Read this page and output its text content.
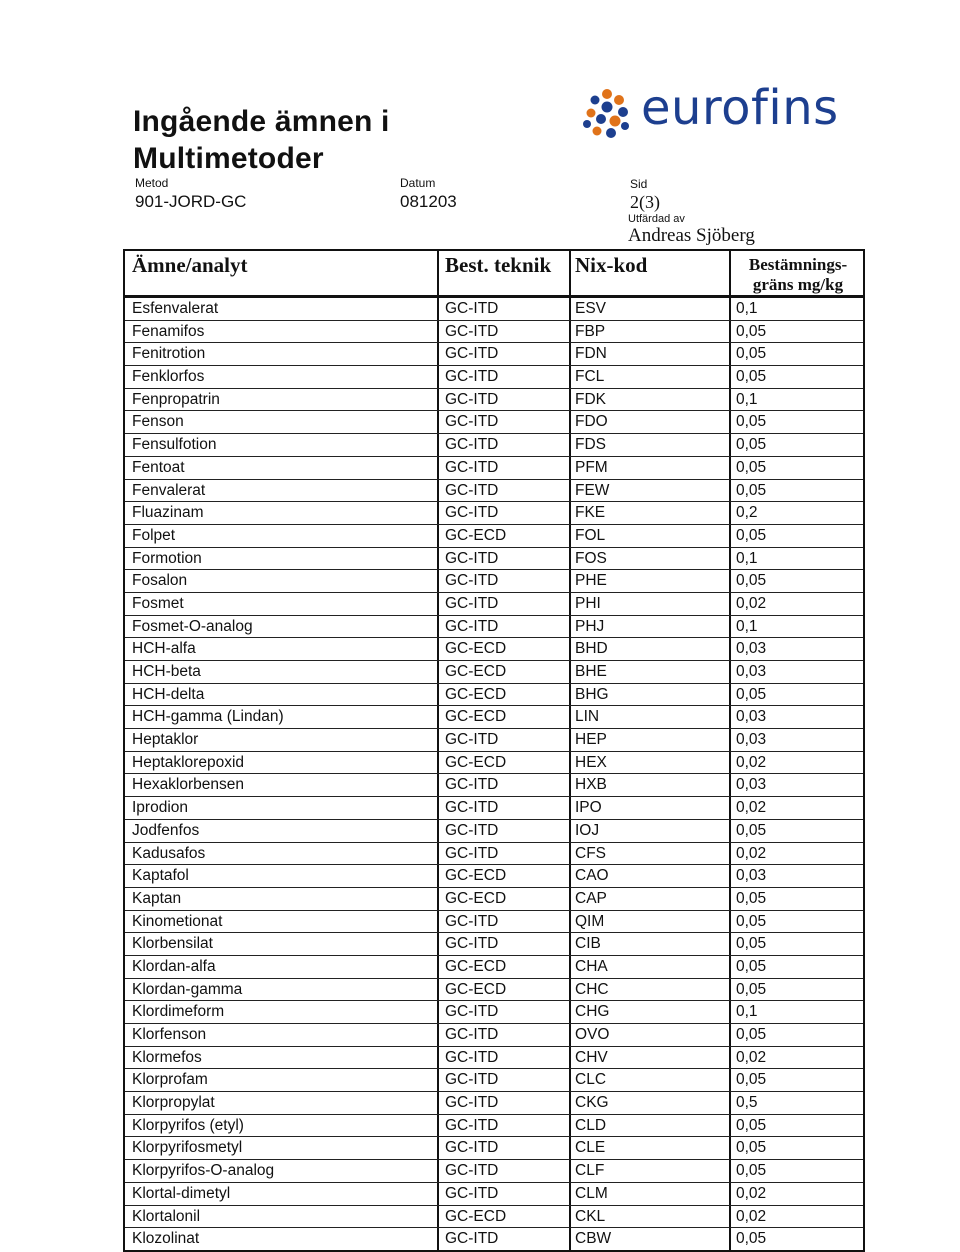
Ingående ämnen i
Multimetoder
eurofins
Metod
901-JORD-GC
Datum
081203
Sid
2(3)
Utfärdad av
Andreas Sjöberg
Ämne/analyt	Best. teknik	Nix-kod	Bestämnings-
gräns mg/kg
Esfenvalerat	GC-ITD	ESV	0,1
Fenamifos	GC-ITD	FBP	0,05
Fenitrotion	GC-ITD	FDN	0,05
Fenklorfos	GC-ITD	FCL	0,05
Fenpropatrin	GC-ITD	FDK	0,1
Fenson	GC-ITD	FDO	0,05
Fensulfotion	GC-ITD	FDS	0,05
Fentoat	GC-ITD	PFM	0,05
Fenvalerat	GC-ITD	FEW	0,05
Fluazinam	GC-ITD	FKE	0,2
Folpet	GC-ECD	FOL	0,05
Formotion	GC-ITD	FOS	0,1
Fosalon	GC-ITD	PHE	0,05
Fosmet	GC-ITD	PHI	0,02
Fosmet-O-analog	GC-ITD	PHJ	0,1
HCH-alfa	GC-ECD	BHD	0,03
HCH-beta	GC-ECD	BHE	0,03
HCH-delta	GC-ECD	BHG	0,05
HCH-gamma (Lindan)	GC-ECD	LIN	0,03
Heptaklor	GC-ITD	HEP	0,03
Heptaklorepoxid	GC-ECD	HEX	0,02
Hexaklorbensen	GC-ITD	HXB	0,03
Iprodion	GC-ITD	IPO	0,02
Jodfenfos	GC-ITD	IOJ	0,05
Kadusafos	GC-ITD	CFS	0,02
Kaptafol	GC-ECD	CAO	0,03
Kaptan	GC-ECD	CAP	0,05
Kinometionat	GC-ITD	QIM	0,05
Klorbensilat	GC-ITD	CIB	0,05
Klordan-alfa	GC-ECD	CHA	0,05
Klordan-gamma	GC-ECD	CHC	0,05
Klordimeform	GC-ITD	CHG	0,1
Klorfenson	GC-ITD	OVO	0,05
Klormefos	GC-ITD	CHV	0,02
Klorprofam	GC-ITD	CLC	0,05
Klorpropylat	GC-ITD	CKG	0,5
Klorpyrifos (etyl)	GC-ITD	CLD	0,05
Klorpyrifosmetyl	GC-ITD	CLE	0,05
Klorpyrifos-O-analog	GC-ITD	CLF	0,05
Klortal-dimetyl	GC-ITD	CLM	0,02
Klortalonil	GC-ECD	CKL	0,02
Klozolinat	GC-ITD	CBW	0,05
